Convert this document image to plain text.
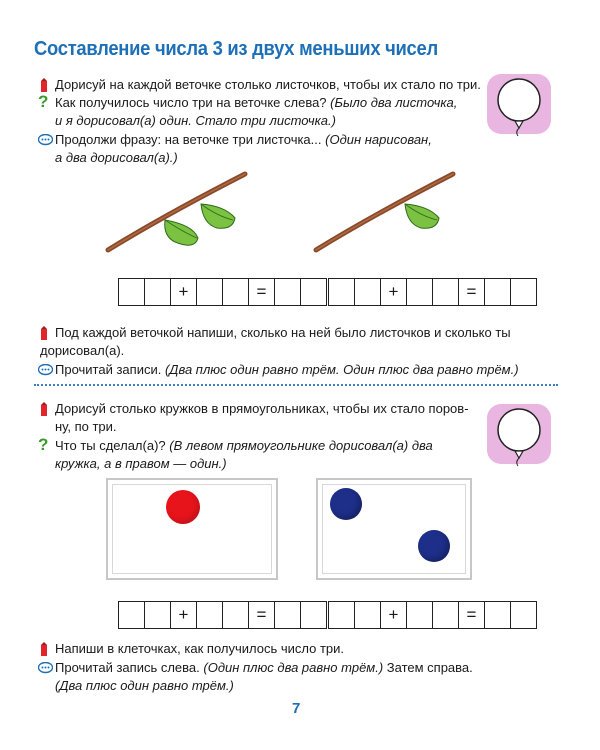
Составление числа 3 из двух меньших чисел
Дорисуй на каждой веточке столько листочков, чтобы их стало по три.
? Как получилось число три на веточке слева? (Было два листочка,
и я дорисовал(а) один. Стало три листочка.)
Продолжи фразу: на веточке три листочка... (Один нарисован,
а два дорисовал(а).)
+	=	+	=
Под каждой веточкой напиши, сколько на ней было листочков и сколько ты
дорисовал(а).
Прочитай записи. (Два плюс один равно трём. Один плюс два равно трём.)
Дорисуй столько кружков в прямоугольниках, чтобы их стало поров-
ну, по три.
? Что ты сделал(а)? (В левом прямоугольнике дорисовал(а) два
кружка, а в правом — один.)
+	=	+	=
Напиши в клеточках, как получилось число три.
Прочитай запись слева. (Один плюс два равно трём.) Затем справа.
(Два плюс один равно трём.)
7
